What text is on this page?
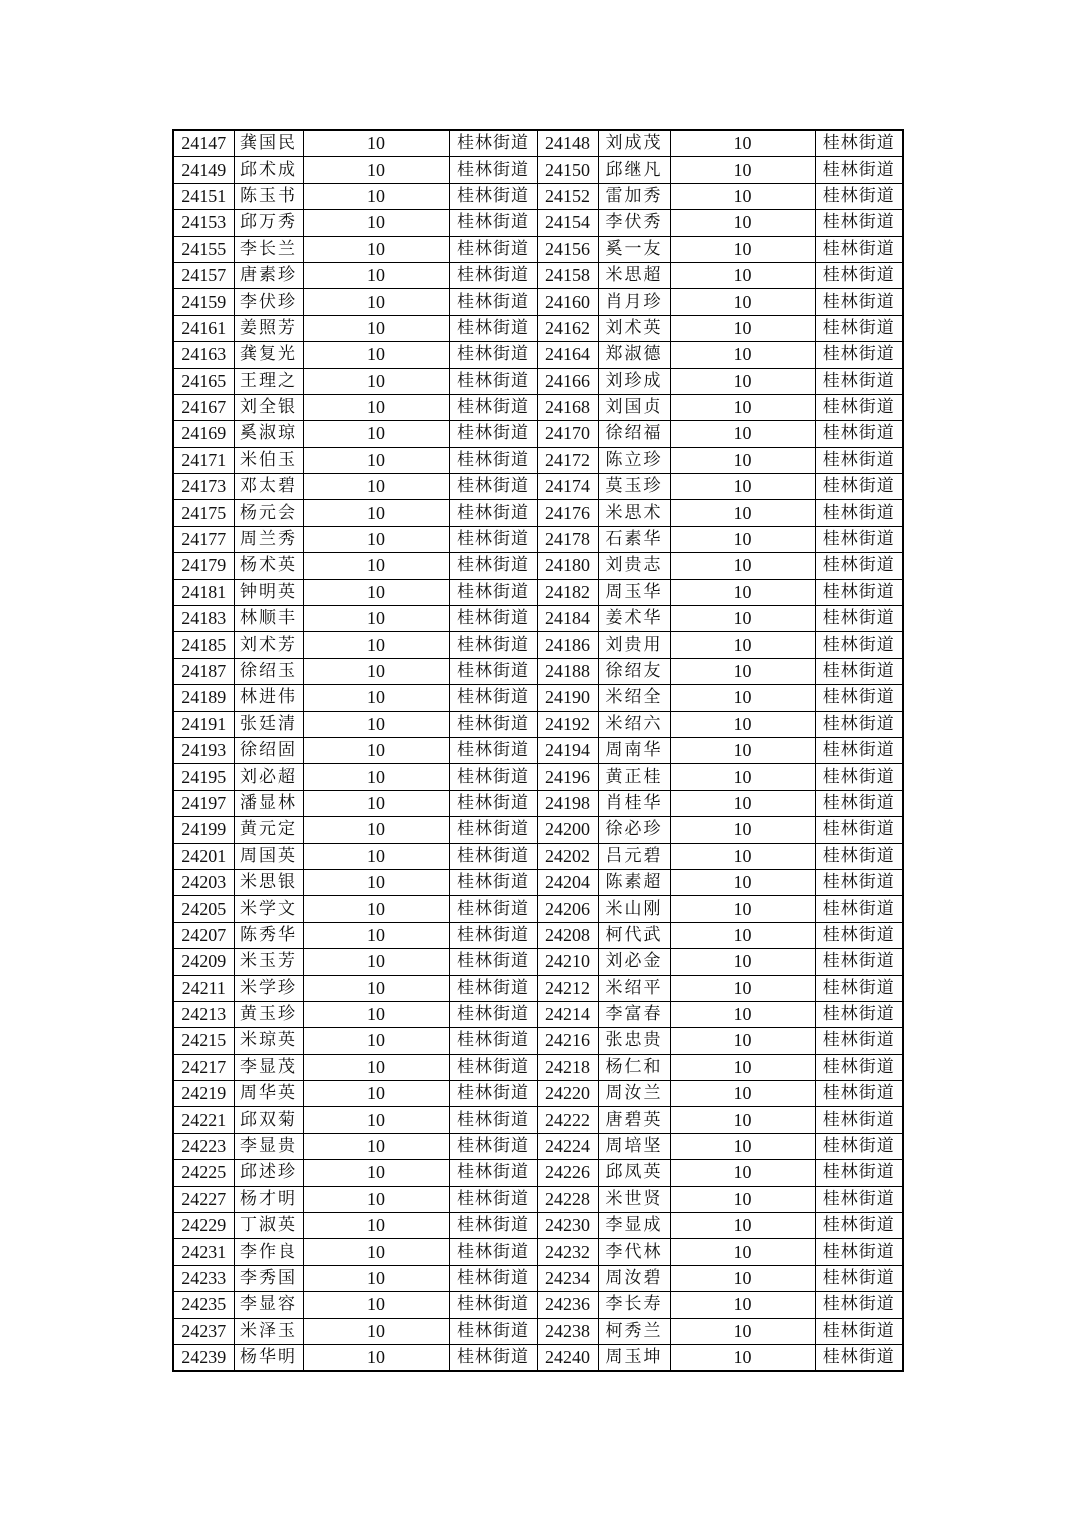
24147	龚国民	10	桂林街道	24148	刘成茂	10	桂林街道
24149	邱术成	10	桂林街道	24150	邱继凡	10	桂林街道
24151	陈玉书	10	桂林街道	24152	雷加秀	10	桂林街道
24153	邱万秀	10	桂林街道	24154	李伏秀	10	桂林街道
24155	李长兰	10	桂林街道	24156	奚一友	10	桂林街道
24157	唐素珍	10	桂林街道	24158	米思超	10	桂林街道
24159	李伏珍	10	桂林街道	24160	肖月珍	10	桂林街道
24161	姜照芳	10	桂林街道	24162	刘术英	10	桂林街道
24163	龚复光	10	桂林街道	24164	郑淑德	10	桂林街道
24165	王理之	10	桂林街道	24166	刘珍成	10	桂林街道
24167	刘全银	10	桂林街道	24168	刘国贞	10	桂林街道
24169	奚淑琼	10	桂林街道	24170	徐绍福	10	桂林街道
24171	米伯玉	10	桂林街道	24172	陈立珍	10	桂林街道
24173	邓太碧	10	桂林街道	24174	莫玉珍	10	桂林街道
24175	杨元会	10	桂林街道	24176	米思术	10	桂林街道
24177	周兰秀	10	桂林街道	24178	石素华	10	桂林街道
24179	杨术英	10	桂林街道	24180	刘贵志	10	桂林街道
24181	钟明英	10	桂林街道	24182	周玉华	10	桂林街道
24183	林顺丰	10	桂林街道	24184	姜术华	10	桂林街道
24185	刘术芳	10	桂林街道	24186	刘贵用	10	桂林街道
24187	徐绍玉	10	桂林街道	24188	徐绍友	10	桂林街道
24189	林进伟	10	桂林街道	24190	米绍全	10	桂林街道
24191	张廷清	10	桂林街道	24192	米绍六	10	桂林街道
24193	徐绍固	10	桂林街道	24194	周南华	10	桂林街道
24195	刘必超	10	桂林街道	24196	黄正桂	10	桂林街道
24197	潘显林	10	桂林街道	24198	肖桂华	10	桂林街道
24199	黄元定	10	桂林街道	24200	徐必珍	10	桂林街道
24201	周国英	10	桂林街道	24202	吕元碧	10	桂林街道
24203	米思银	10	桂林街道	24204	陈素超	10	桂林街道
24205	米学文	10	桂林街道	24206	米山刚	10	桂林街道
24207	陈秀华	10	桂林街道	24208	柯代武	10	桂林街道
24209	米玉芳	10	桂林街道	24210	刘必金	10	桂林街道
24211	米学珍	10	桂林街道	24212	米绍平	10	桂林街道
24213	黄玉珍	10	桂林街道	24214	李富春	10	桂林街道
24215	米琼英	10	桂林街道	24216	张忠贵	10	桂林街道
24217	李显茂	10	桂林街道	24218	杨仁和	10	桂林街道
24219	周华英	10	桂林街道	24220	周汝兰	10	桂林街道
24221	邱双菊	10	桂林街道	24222	唐碧英	10	桂林街道
24223	李显贵	10	桂林街道	24224	周培坚	10	桂林街道
24225	邱述珍	10	桂林街道	24226	邱凤英	10	桂林街道
24227	杨才明	10	桂林街道	24228	米世贤	10	桂林街道
24229	丁淑英	10	桂林街道	24230	李显成	10	桂林街道
24231	李作良	10	桂林街道	24232	李代林	10	桂林街道
24233	李秀国	10	桂林街道	24234	周汝碧	10	桂林街道
24235	李显容	10	桂林街道	24236	李长寿	10	桂林街道
24237	米泽玉	10	桂林街道	24238	柯秀兰	10	桂林街道
24239	杨华明	10	桂林街道	24240	周玉坤	10	桂林街道
